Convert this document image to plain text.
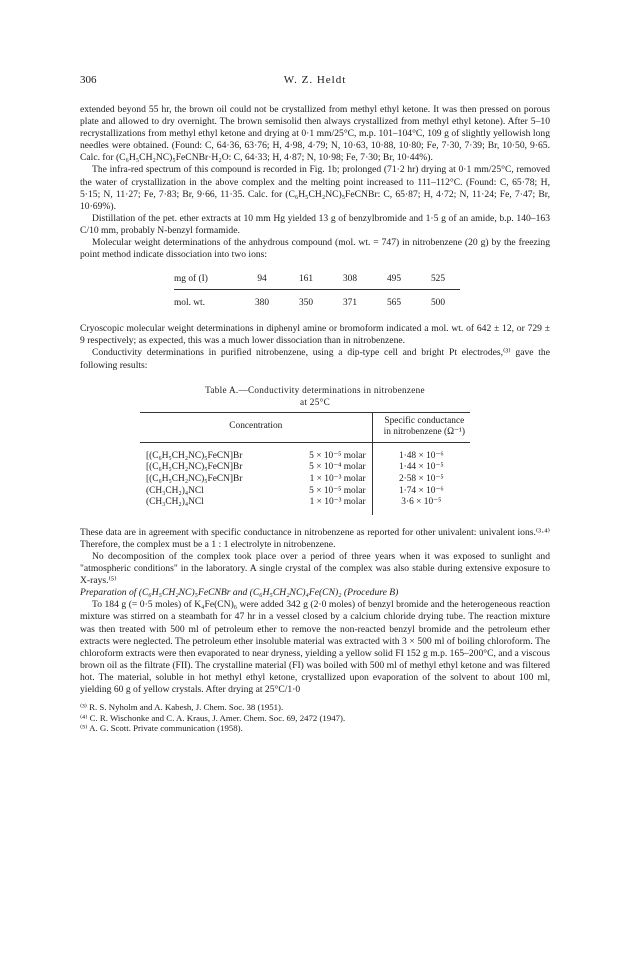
306	W. Z. Heldt

extended beyond 55 hr, the brown oil could not be crystallized from methyl ethyl ketone. It was then pressed on porous plate and allowed to dry overnight. The brown semisolid then always crystallized from methyl ethyl ketone). After 5–10 recrystallizations from methyl ethyl ketone and drying at 0·1 mm/25°C, m.p. 101–104°C, 109 g of slightly yellowish long needles were obtained. (Found: C, 64·36, 63·76; H, 4·98, 4·79; N, 10·63, 10·88, 10·80; Fe, 7·30, 7·39; Br, 10·50, 9·65. Calc. for (C₆H₅CH₂NC)₅FeCNBr·H₂O: C, 64·33; H, 4·87; N, 10·98; Fe, 7·30; Br, 10·44%).

The infra-red spectrum of this compound is recorded in Fig. 1b; prolonged (71·2 hr) drying at 0·1 mm/25°C, removed the water of crystallization in the above complex and the melting point increased to 111–112°C. (Found: C, 65·78; H, 5·15; N, 11·27; Fe, 7·83; Br, 9·66, 11·35. Calc. for (C₆H₅CH₂NC)₅FeCNBr: C, 65·87; H, 4·72; N, 11·24; Fe, 7·47; Br, 10·69%).

Distillation of the pet. ether extracts at 10 mm Hg yielded 13 g of benzylbromide and 1·5 g of an amide, b.p. 140–163 C/10 mm, probably N-benzyl formamide.

Molecular weight determinations of the anhydrous compound (mol. wt. = 747) in nitrobenzene (20 g) by the freezing point method indicate dissociation into two ions:

mg of (I)	94	161	308	495	525
mol. wt.	380	350	371	565	500

Cryoscopic molecular weight determinations in diphenyl amine or bromoform indicated a mol. wt. of 642 ± 12, or 729 ± 9 respectively; as expected, this was a much lower dissociation than in nitrobenzene.

Conductivity determinations in purified nitrobenzene, using a dip-type cell and bright Pt electrodes,⁽³⁾ gave the following results:

Table A.—Conductivity determinations in nitrobenzene
at 25°C
Concentration		Specific conductance
in nitrobenzene (Ω⁻¹)

[(C₆H₅CH₂NC)₅FeCN]Br	5 × 10⁻⁵ molar	1·48 × 10⁻⁶
[(C₆H₅CH₂NC)₅FeCN]Br	5 × 10⁻⁴ molar	1·44 × 10⁻⁵
[(C₆H₅CH₂NC)₅FeCN]Br	1 × 10⁻³ molar	2·58 × 10⁻⁵
(CH₃CH₂)₄NCl	5 × 10⁻⁵ molar	1·74 × 10⁻⁶
(CH₃CH₂)₄NCl	1 × 10⁻³ molar	3·6 × 10⁻⁵

These data are in agreement with specific conductance in nitrobenzene as reported for other univalent: univalent ions.⁽³·⁴⁾ Therefore, the complex must be a 1 : 1 electrolyte in nitrobenzene.

No decomposition of the complex took place over a period of three years when it was exposed to sunlight and "atmospheric conditions" in the laboratory. A single crystal of the complex was also stable during extensive exposure to X-rays.⁽⁵⁾

Preparation of (C₆H₅CH₂NC)₅FeCNBr and (C₆H₅CH₂NC)₄Fe(CN)₂ (Procedure B)

To 184 g (= 0·5 moles) of K₄Fe(CN)₆ were added 342 g (2·0 moles) of benzyl bromide and the heterogeneous reaction mixture was stirred on a steambath for 47 hr in a vessel closed by a calcium chloride drying tube. The reaction mixture was then treated with 500 ml of petroleum ether to remove the non-reacted benzyl bromide and the petroleum ether extracts were neglected. The petroleum ether insoluble material was extracted with 3 × 500 ml of boiling chloroform. The chloroform extracts were then evaporated to near dryness, yielding a yellow solid FI 152 g m.p. 165–200°C, and a viscous brown oil as the filtrate (FII). The crystalline material (FI) was boiled with 500 ml of methyl ethyl ketone and was filtered hot. The material, soluble in hot methyl ethyl ketone, crystallized upon evaporation of the solvent to about 100 ml, yielding 60 g of yellow crystals. After drying at 25°C/1·0

⁽³⁾ R. S. Nyholm and A. Kabesh, J. Chem. Soc. 38 (1951).

⁽⁴⁾ C. R. Wischonke and C. A. Kraus, J. Amer. Chem. Soc. 69, 2472 (1947).

⁽⁵⁾ A. G. Scott. Private communication (1958).
